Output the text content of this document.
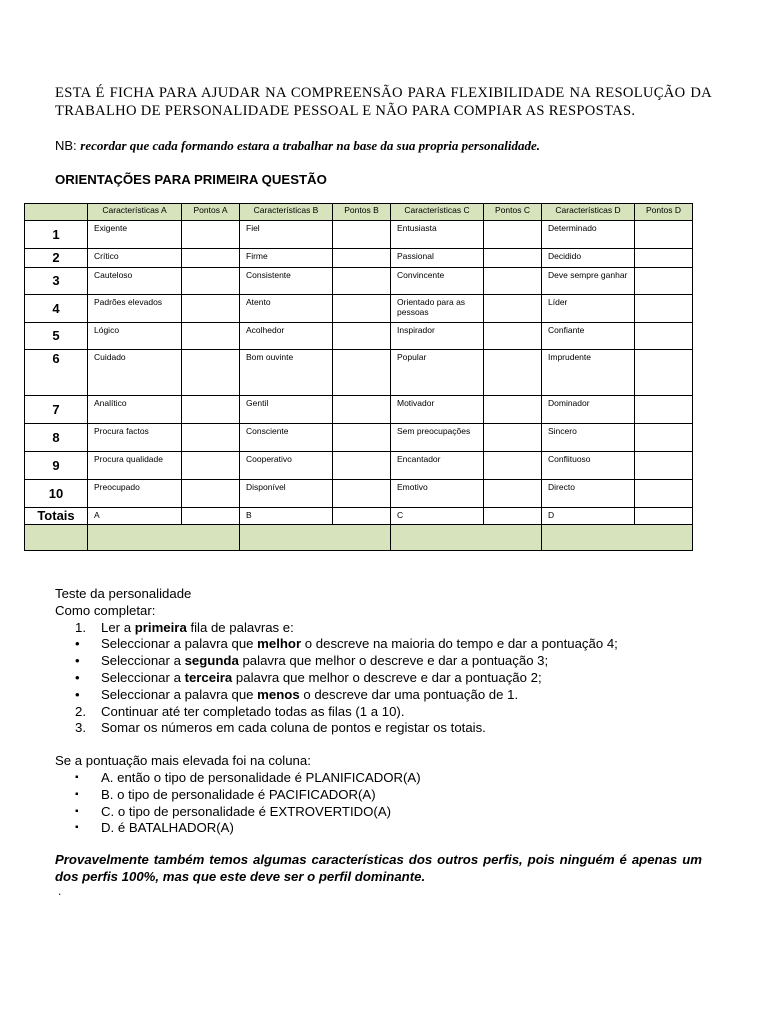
ESTA É FICHA PARA AJUDAR NA COMPREENSÃO PARA FLEXIBILIDADE NA RESOLUÇÃO DA TRABALHO DE PERSONALIDADE PESSOAL E NÃO PARA COMPIAR AS RESPOSTAS.
NB: recordar que cada formando estara a trabalhar na base da sua propria personalidade.
ORIENTAÇÕES PARA PRIMEIRA QUESTÃO
	Características A	Pontos A	Características B	Pontos B	Características C	Pontos C	Características D	Pontos D
1	Exigente		Fiel		Entusiasta		Determinado	
2	Crítico		Firme		Passional		Decidido	
3	Cauteloso		Consistente		Convincente		Deve sempre ganhar	
4	Padrões elevados		Atento		Orientado para as pessoas		Líder	
5	Lógico		Acolhedor		Inspirador		Confiante	
6	Cuidado		Bom ouvinte		Popular		Imprudente	
7	Analítico		Gentil		Motivador		Dominador	
8	Procura factos		Consciente		Sem preocupações		Sincero	
9	Procura qualidade		Cooperativo		Encantador		Conflituoso	
10	Preocupado		Disponível		Emotivo		Directo	
Totais	A		B		C		D	

Teste da personalidade

Como completar:

1.	Ler a primeira fila de palavras e:
•	Seleccionar a palavra que melhor o descreve na maioria do tempo e dar a pontuação 4;
•	Seleccionar a segunda palavra que melhor o descreve e dar a pontuação 3;
•	Seleccionar a terceira palavra que melhor o descreve e dar a pontuação 2;
•	Seleccionar a palavra que menos o descreve dar uma pontuação de 1.
2.	Continuar até ter completado todas as filas (1 a 10).
3.	Somar os números em cada coluna de pontos e registar os totais.

Se a pontuação mais elevada foi na coluna:

▪	A. então o tipo de personalidade é PLANIFICADOR(A)
▪	B. o tipo de personalidade é PACIFICADOR(A)
▪	C. o tipo de personalidade é EXTROVERTIDO(A)
▪	D. é BATALHADOR(A)
Provavelmente também temos algumas características dos outros perfis, pois ninguém é apenas um dos perfis 100%, mas que este deve ser o perfil dominante.
.
